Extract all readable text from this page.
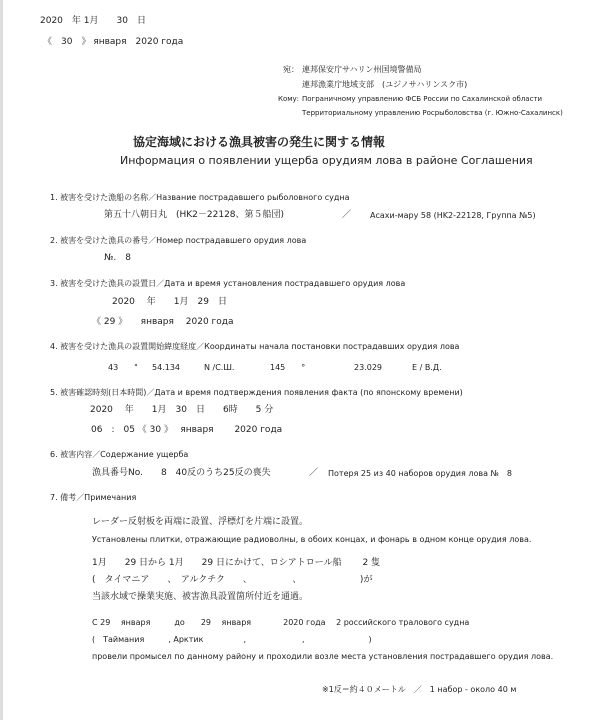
2020　年 1月　　30　日
《　30　》 января　2020 года
宛： 連邦保安庁サハリン州国境警備局
連邦漁業庁地域支部　(ユジノサハリンスク市)
Кому: Пограничному управлению ФСБ России по Сахалинской области
Территориальному управлению Росрыболовства (г. Южно-Сахалинск)
協定海域における漁具被害の発生に関する情報
Информация о появлении ущерба орудиям лова в районе Соглашения
1. 被害を受けた漁船の名称／Название пострадавшего рыболовного судна
第五十八朝日丸　(HK2－22128、第５船団)	／ Асахи-мару 58 (HK2-22128, Группа №5)
2. 被害を受けた漁具の番号／Номер пострадавшего орудия лова
№.　8
3. 被害を受けた漁具の設置日／Дата и время установления пострадавшего орудия лова
2020　 年　　1月　29　日
《 29 》　　января　 2020 года
4. 被害を受けた漁具の設置開始緯度経度／Координаты начала постановки пострадавших орудия лова
43　　" 54.134	N /С.Ш.	145　　°	23.029	E / В.Д.
5. 被害確認時刻(日本時間)／Дата и время подтверждения появления факта (по японскому времени)
2020　 年　　1月　30　日　　6時　　5 分
06　:　05 《 30 》　 января　　 2020 года
6. 被害内容／Содержание ущерба
漁具番号No.　　8　40反のうち25反の喪失	／ Потеря 25 из 40 наборов орудия лова №　8
7. 備考／Примечания
レーダー反射板を両端に設置、浮標灯を片端に設置。
Установлены плитки, отражающие радиоволны, в обоих концах, и фонарь в одном конце орудия лова.
1月　　29 日から 1月　　29 日にかけて、ロシアトロール船　　 2 隻
(　タイマニア　　、　アルクチク　　、　　　　　、　　　　　　　)が
当該水域で操業実施、被害漁具設置箇所付近を通過。
С 29　 января　　　до　　29　 января　　　　2020 года　 2 российского тралового судна
(　Таймания　　　, Арктик　　　　　,　　　　　　　,　　　　　　　　)
провели промысел по данному району и проходили возле места установления пострадавшего орудия лова.
※1反＝約４０メートル　／　1 набор - около 40 м
